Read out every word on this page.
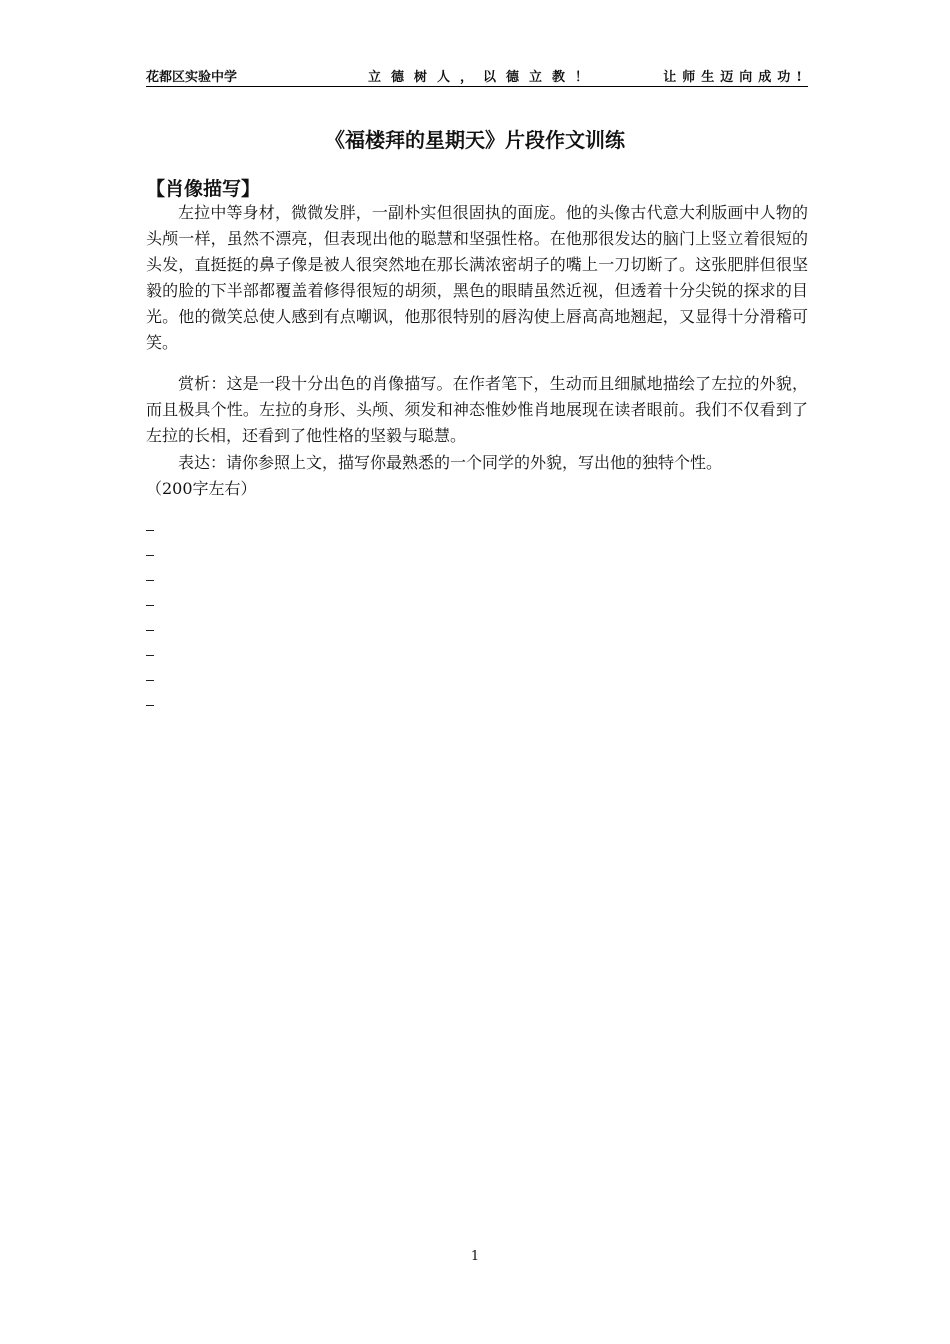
花都区实验中学	立德树人，以德立教！	让师生迈向成功!
《福楼拜的星期天》片段作文训练
【肖像描写】
左拉中等身材，微微发胖，一副朴实但很固执的面庞。他的头像古代意大利版画中人物的头颅一样，虽然不漂亮，但表现出他的聪慧和坚强性格。在他那很发达的脑门上竖立着很短的头发，直挺挺的鼻子像是被人很突然地在那长满浓密胡子的嘴上一刀切断了。这张肥胖但很坚毅的脸的下半部都覆盖着修得很短的胡须，黑色的眼睛虽然近视，但透着十分尖锐的探求的目光。他的微笑总使人感到有点嘲讽，他那很特别的唇沟使上唇高高地翘起，又显得十分滑稽可笑。
赏析：这是一段十分出色的肖像描写。在作者笔下，生动而且细腻地描绘了左拉的外貌，而且极具个性。左拉的身形、头颅、须发和神态惟妙惟肖地展现在读者眼前。我们不仅看到了左拉的长相，还看到了他性格的坚毅与聪慧。
表达：请你参照上文，描写你最熟悉的一个同学的外貌，写出他的独特个性。
（200字左右）
1
